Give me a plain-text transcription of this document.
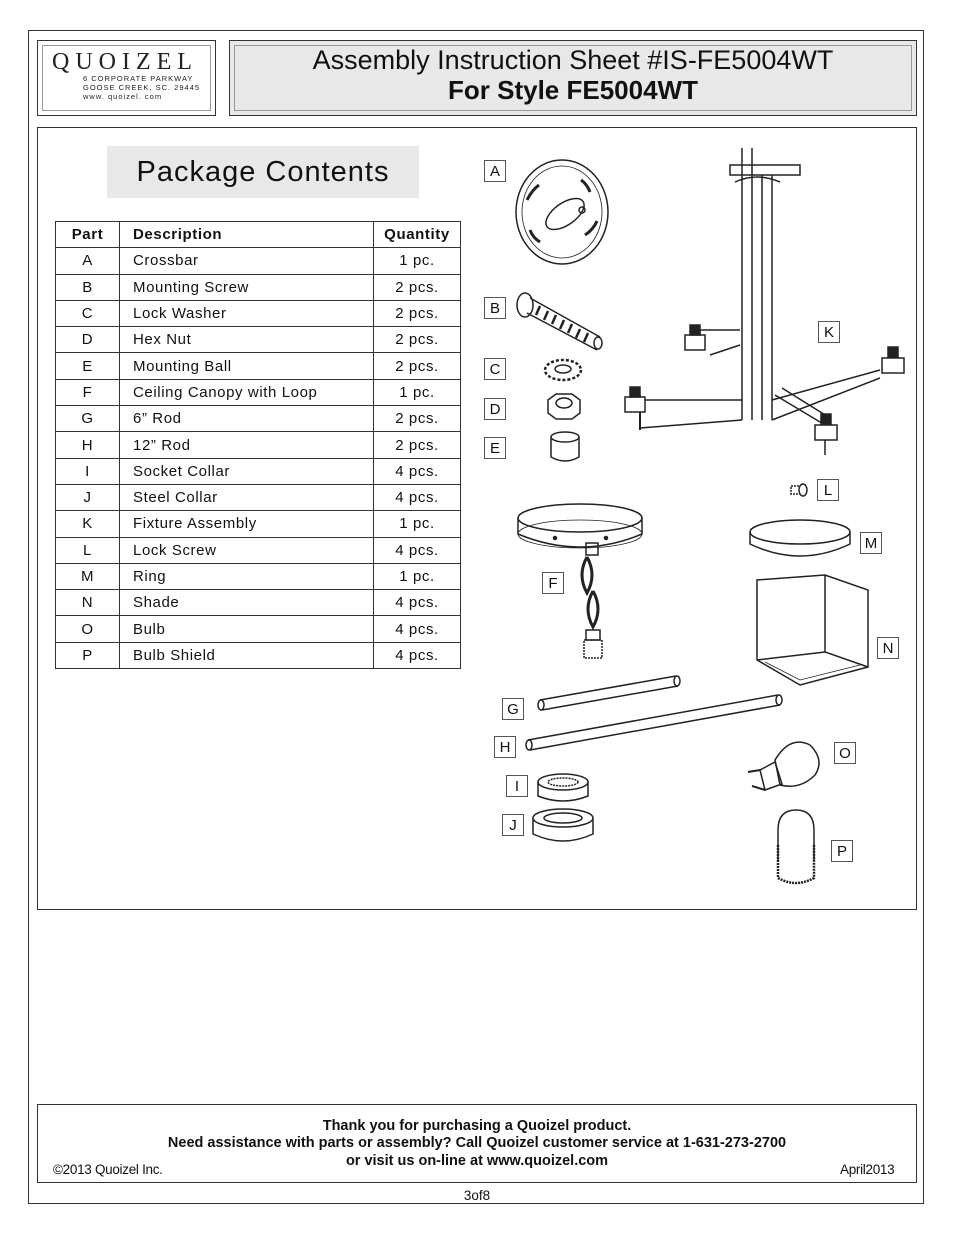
QUOIZEL
6 CORPORATE PARKWAY
GOOSE CREEK, SC. 29445
www. quoizel. com
Assembly Instruction Sheet #IS-FE5004WT
For Style FE5004WT
Package Contents
Part	Description	Quantity
A	Crossbar	1 pc.
B	Mounting Screw	2 pcs.
C	Lock Washer	2 pcs.
D	Hex Nut	2 pcs.
E	Mounting Ball	2 pcs.
F	Ceiling Canopy with Loop	1 pc.
G	6” Rod	2 pcs.
H	12” Rod	2 pcs.
I	Socket Collar	4 pcs.
J	Steel Collar	4 pcs.
K	Fixture Assembly	1 pc.
L	Lock Screw	4 pcs.
M	Ring	1 pc.
N	Shade	4 pcs.
O	Bulb	4 pcs.
P	Bulb Shield	4 pcs.
A
B
C
D
E
F
G
H
I
J
K
L
M
N
O
P
Thank you for purchasing a Quoizel product.
Need assistance with parts or assembly? Call Quoizel customer service at 1-631-273-2700
or visit us on-line at www.quoizel.com
©2013 Quoizel Inc.	April2013
3of8
